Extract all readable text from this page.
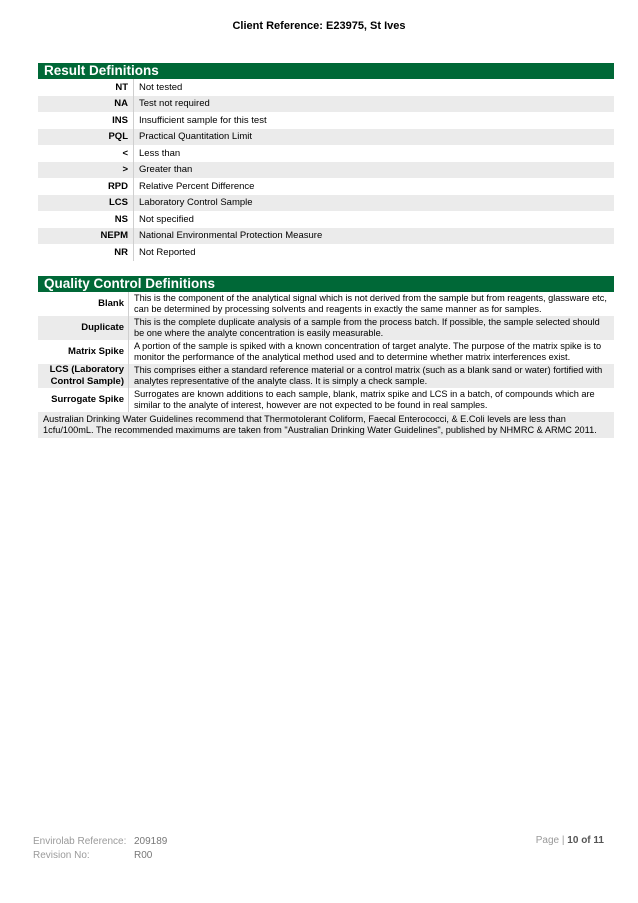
Client Reference: E23975, St Ives
Result Definitions
NT	Not tested
NA	Test not required
INS	Insufficient sample for this test
PQL	Practical Quantitation Limit
<	Less than
>	Greater than
RPD	Relative Percent Difference
LCS	Laboratory Control Sample
NS	Not specified
NEPM	National Environmental Protection Measure
NR	Not Reported
Quality Control Definitions
Blank	This is the component of the analytical signal which is not derived from the sample but from reagents, glassware etc, can be determined by processing solvents and reagents in exactly the same manner as for samples.
Duplicate	This is the complete duplicate analysis of a sample from the process batch. If possible, the sample selected should be one where the analyte concentration is easily measurable.
Matrix Spike	A portion of the sample is spiked with a known concentration of target analyte. The purpose of the matrix spike is to monitor the performance of the analytical method used and to determine whether matrix interferences exist.
LCS (Laboratory Control Sample)	This comprises either a standard reference material or a control matrix (such as a blank sand or water) fortified with analytes representative of the analyte class. It is simply a check sample.
Surrogate Spike	Surrogates are known additions to each sample, blank, matrix spike and LCS in a batch, of compounds which are similar to the analyte of interest, however are not expected to be found in real samples.
Australian Drinking Water Guidelines recommend that Thermotolerant Coliform, Faecal Enterococci, & E.Coli levels are less than 1cfu/100mL. The recommended maximums are taken from "Australian Drinking Water Guidelines", published by NHMRC & ARMC 2011.	
Envirolab Reference:
Revision No:
209189
R00
Page | 10 of 11
